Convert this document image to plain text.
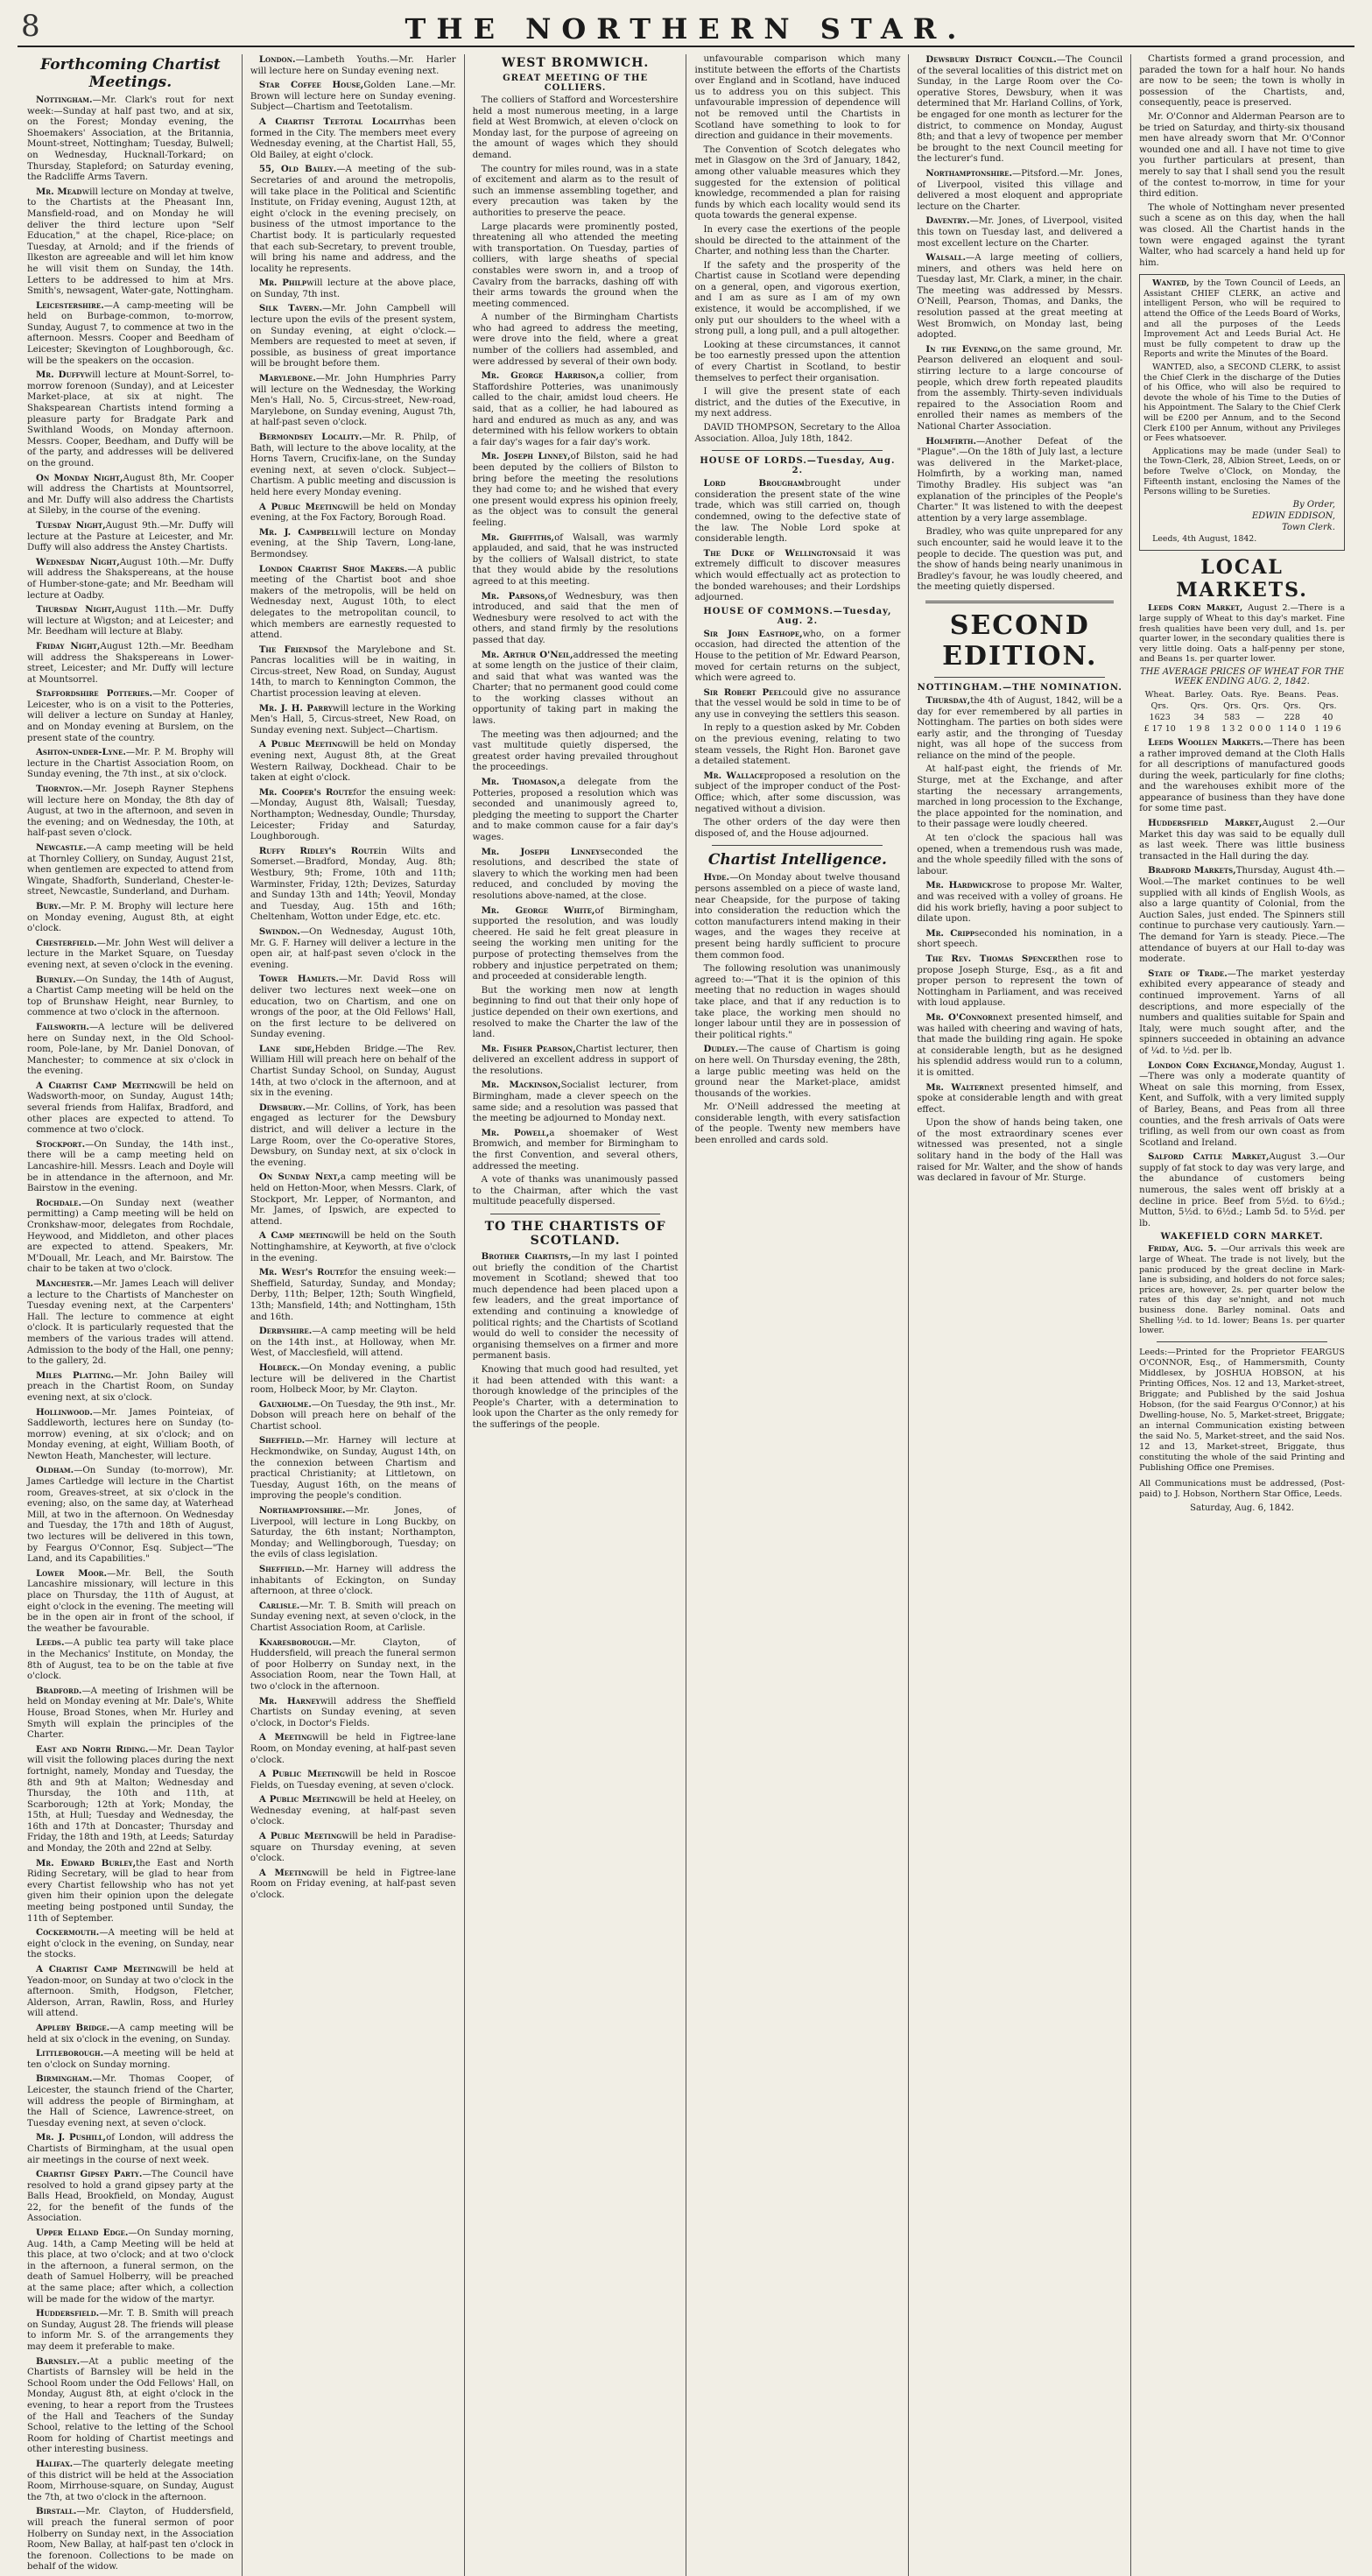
8	THE NORTHERN STAR.
Forthcoming Chartist Meetings.

Nottingham.—Mr. Clark's rout for next week:—Sunday at half past two, and at six, on the Forest; Monday evening, the Shoemakers' Association, at the Britannia, Mount-street, Nottingham; Tuesday, Bulwell; on Wednesday, Hucknall-Torkard; on Thursday, Stapleford; on Saturday evening, the Radcliffe Arms Tavern.

Mr. Meadwill lecture on Monday at twelve, to the Chartists at the Pheasant Inn, Mansfield-road, and on Monday he will deliver the third lecture upon "Self Education," at the chapel, Rice-place; on Tuesday, at Arnold; and if the friends of Ilkeston are agreeable and will let him know he will visit them on Sunday, the 14th. Letters to be addressed to him at Mrs. Smith's, newsagent, Water-gate, Nottingham.

Leicestershire.—A camp-meeting will be held on Burbage-common, to-morrow, Sunday, August 7, to commence at two in the afternoon. Messrs. Cooper and Beedham of Leicester; Skevington of Loughborough, &c. will be the speakers on the occasion.

Mr. Duffywill lecture at Mount-Sorrel, to-morrow forenoon (Sunday), and at Leicester Market-place, at six at night. The Shakspearean Chartists intend forming a pleasure party for Bradgate Park and Swithland Woods, on Monday afternoon. Messrs. Cooper, Beedham, and Duffy will be of the party, and addresses will be delivered on the ground.

On Monday Night,August 8th, Mr. Cooper will address the Chartists at Mountsorrel, and Mr. Duffy will also address the Chartists at Sileby, in the course of the evening.

Tuesday Night,August 9th.—Mr. Duffy will lecture at the Pasture at Leicester, and Mr. Duffy will also address the Anstey Chartists.

Wednesday Night,August 10th.—Mr. Duffy will address the Shakspereans, at the house of Humber-stone-gate; and Mr. Beedham will lecture at Oadby.

Thursday Night,August 11th.—Mr. Duffy will lecture at Wigston; and at Leicester; and Mr. Beedham will lecture at Blaby.

Friday Night,August 12th.—Mr. Beedham will address the Shakspereans in Lower-street, Leicester; and Mr. Duffy will lecture at Mountsorrel.

Staffordshire Potteries.—Mr. Cooper of Leicester, who is on a visit to the Potteries, will deliver a lecture on Sunday at Hanley, and on Monday evening at Burslem, on the present state of the country.

Ashton-under-Lyne.—Mr. P. M. Brophy will lecture in the Chartist Association Room, on Sunday evening, the 7th inst., at six o'clock.

Thornton.—Mr. Joseph Rayner Stephens will lecture here on Monday, the 8th day of August, at two in the afternoon, and seven in the evening; and on Wednesday, the 10th, at half-past seven o'clock.

Newcastle.—A camp meeting will be held at Thornley Colliery, on Sunday, August 21st, when gentlemen are expected to attend from Wingate, Shadforth, Sunderland, Chester-le-street, Newcastle, Sunderland, and Durham.

Bury.—Mr. P. M. Brophy will lecture here on Monday evening, August 8th, at eight o'clock.

Chesterfield.—Mr. John West will deliver a lecture in the Market Square, on Tuesday evening next, at seven o'clock in the evening.

Burnley.—On Sunday, the 14th of August, a Chartist Camp meeting will be held on the top of Brunshaw Height, near Burnley, to commence at two o'clock in the afternoon.

Failsworth.—A lecture will be delivered here on Sunday next, in the Old School-room, Pole-lane, by Mr. Daniel Donovan, of Manchester; to commence at six o'clock in the evening.

A Chartist Camp Meetingwill be held on Wadsworth-moor, on Sunday, August 14th; several friends from Halifax, Bradford, and other places are expected to attend. To commence at two o'clock.

Stockport.—On Sunday, the 14th inst., there will be a camp meeting held on Lancashire-hill. Messrs. Leach and Doyle will be in attendance in the afternoon, and Mr. Bairstow in the evening.

Rochdale.—On Sunday next (weather permitting) a Camp meeting will be held on Cronkshaw-moor, delegates from Rochdale, Heywood, and Middleton, and other places are expected to attend. Speakers, Mr. M'Douall, Mr. Leach, and Mr. Bairstow. The chair to be taken at two o'clock.

Manchester.—Mr. James Leach will deliver a lecture to the Chartists of Manchester on Tuesday evening next, at the Carpenters' Hall. The lecture to commence at eight o'clock. It is particularly requested that the members of the various trades will attend. Admission to the body of the Hall, one penny; to the gallery, 2d.

Miles Platting.—Mr. John Bailey will preach in the Chartist Room, on Sunday evening next, at six o'clock.

Hollinwood.—Mr. James Pointeiax, of Saddleworth, lectures here on Sunday (to-morrow) evening, at six o'clock; and on Monday evening, at eight, William Booth, of Newton Heath, Manchester, will lecture.

Oldham.—On Sunday (to-morrow), Mr. James Cartledge will lecture in the Chartist room, Greaves-street, at six o'clock in the evening; also, on the same day, at Waterhead Mill, at two in the afternoon. On Wednesday and Tuesday, the 17th and 18th of August, two lectures will be delivered in this town, by Feargus O'Connor, Esq. Subject—"The Land, and its Capabilities."

Lower Moor.—Mr. Bell, the South Lancashire missionary, will lecture in this place on Thursday, the 11th of August, at eight o'clock in the evening. The meeting will be in the open air in front of the school, if the weather be favourable.

Leeds.—A public tea party will take place in the Mechanics' Institute, on Monday, the 8th of August, tea to be on the table at five o'clock.

Bradford.—A meeting of Irishmen will be held on Monday evening at Mr. Dale's, White House, Broad Stones, when Mr. Hurley and Smyth will explain the principles of the Charter.

East and North Riding.—Mr. Dean Taylor will visit the following places during the next fortnight, namely, Monday and Tuesday, the 8th and 9th at Malton; Wednesday and Thursday, the 10th and 11th, at Scarborough; 12th at York; Monday, the 15th, at Hull; Tuesday and Wednesday, the 16th and 17th at Doncaster; Thursday and Friday, the 18th and 19th, at Leeds; Saturday and Monday, the 20th and 22nd at Selby.

Mr. Edward Burley,the East and North Riding Secretary, will be glad to hear from every Chartist fellowship who has not yet given him their opinion upon the delegate meeting being postponed until Sunday, the 11th of September.

Cockermouth.—A meeting will be held at eight o'clock in the evening, on Sunday, near the stocks.

A Chartist Camp Meetingwill be held at Yeadon-moor, on Sunday at two o'clock in the afternoon. Smith, Hodgson, Fletcher, Alderson, Arran, Rawlin, Ross, and Hurley will attend.

Appleby Bridge.—A camp meeting will be held at six o'clock in the evening, on Sunday.

Littleborough.—A meeting will be held at ten o'clock on Sunday morning.

Birmingham.—Mr. Thomas Cooper, of Leicester, the staunch friend of the Charter, will address the people of Birmingham, at the Hall of Science, Lawrence-street, on Tuesday evening next, at seven o'clock.

Mr. J. Pushill,of London, will address the Chartists of Birmingham, at the usual open air meetings in the course of next week.

Chartist Gipsey Party.—The Council have resolved to hold a grand gipsey party at the Balls Head, Brookfield, on Monday, August 22, for the benefit of the funds of the Association.

Upper Elland Edge.—On Sunday morning, Aug. 14th, a Camp Meeting will be held at this place, at two o'clock; and at two o'clock in the afternoon, a funeral sermon, on the death of Samuel Holberry, will be preached at the same place; after which, a collection will be made for the widow of the martyr.

Huddersfield.—Mr. T. B. Smith will preach on Sunday, August 28. The friends will please to inform Mr. S. of the arrangements they may deem it preferable to make.

Barnsley.—At a public meeting of the Chartists of Barnsley will be held in the School Room under the Odd Fellows' Hall, on Monday, August 8th, at eight o'clock in the evening, to hear a report from the Trustees of the Hall and Teachers of the Sunday School, relative to the letting of the School Room for holding of Chartist meetings and other interesting business.

Halifax.—The quarterly delegate meeting of this district will be held at the Association Room, Mirrhouse-square, on Sunday, August the 7th, at two o'clock in the afternoon.

Birstall.—Mr. Clayton, of Huddersfield, will preach the funeral sermon of poor Holberry on Sunday next, in the Association Room, New Ballay, at half-past ten o'clock in the forenoon. Collections to be made on behalf of the widow.

London.—Lambeth Youths.—Mr. Harler will lecture here on Sunday evening next.

Star Coffee House,Golden Lane.—Mr. Brown will lecture here on Sunday evening. Subject—Chartism and Teetotalism.

A Chartist Teetotal Localityhas been formed in the City. The members meet every Wednesday evening, at the Chartist Hall, 55, Old Bailey, at eight o'clock.

55, Old Bailey.—A meeting of the sub-Secretaries of and around the metropolis, will take place in the Political and Scientific Institute, on Friday evening, August 12th, at eight o'clock in the evening precisely, on business of the utmost importance to the Chartist body. It is particularly requested that each sub-Secretary, to prevent trouble, will bring his name and address, and the locality he represents.

Mr. Philpwill lecture at the above place, on Sunday, 7th inst.

Silk Tavern.—Mr. John Campbell will lecture upon the evils of the present system, on Sunday evening, at eight o'clock.—Members are requested to meet at seven, if possible, as business of great importance will be brought before them.

Marylebone.—Mr. John Humphries Parry will lecture on the Wednesday, the Working Men's Hall, No. 5, Circus-street, New-road, Marylebone, on Sunday evening, August 7th, at half-past seven o'clock.

Bermondsey Locality.—Mr. R. Philp, of Bath, will lecture to the above locality, at the Horns Tavern, Crucifix-lane, on the Sunday evening next, at seven o'clock. Subject—Chartism. A public meeting and discussion is held here every Monday evening.

A Public Meetingwill be held on Monday evening, at the Fox Factory, Borough Road.

Mr. J. Campbellwill lecture on Monday evening, at the Ship Tavern, Long-lane, Bermondsey.

London Chartist Shoe Makers.—A public meeting of the Chartist boot and shoe makers of the metropolis, will be held on Wednesday next, August 10th, to elect delegates to the metropolitan council, to which members are earnestly requested to attend.

The Friendsof the Marylebone and St. Pancras localities will be in waiting, in Circus-street, New Road, on Sunday, August 14th, to march to Kennington Common, the Chartist procession leaving at eleven.

Mr. J. H. Parrywill lecture in the Working Men's Hall, 5, Circus-street, New Road, on Sunday evening next. Subject—Chartism.

A Public Meetingwill be held on Monday evening next, August 8th, at the Great Western Railway, Dockhead. Chair to be taken at eight o'clock.

Mr. Cooper's Routefor the ensuing week:—Monday, August 8th, Walsall; Tuesday, Northampton; Wednesday, Oundle; Thursday, Leicester; Friday and Saturday, Loughborough.

Ruffy Ridley's Routein Wilts and Somerset.—Bradford, Monday, Aug. 8th; Westbury, 9th; Frome, 10th and 11th; Warminster, Friday, 12th; Devizes, Saturday and Sunday 13th and 14th; Yeovil, Monday and Tuesday, Aug. 15th and 16th; Cheltenham, Wotton under Edge, etc. etc.

Swindon.—On Wednesday, August 10th, Mr. G. F. Harney will deliver a lecture in the open air, at half-past seven o'clock in the evening.

Tower Hamlets.—Mr. David Ross will deliver two lectures next week—one on education, two on Chartism, and one on wrongs of the poor, at the Old Fellows' Hall, on the first lecture to be delivered on Sunday evening.

Lane side,Hebden Bridge.—The Rev. William Hill will preach here on behalf of the Chartist Sunday School, on Sunday, August 14th, at two o'clock in the afternoon, and at six in the evening.

Dewsbury.—Mr. Collins, of York, has been engaged as lecturer for the Dewsbury district, and will deliver a lecture in the Large Room, over the Co-operative Stores, Dewsbury, on Sunday next, at six o'clock in the evening.

On Sunday Next,a camp meeting will be held on Hetton-Moor, when Messrs. Clark, of Stockport, Mr. Lepper, of Normanton, and Mr. James, of Ipswich, are expected to attend.

A Camp meetingwill be held on the South Nottinghamshire, at Keyworth, at five o'clock in the evening.

Mr. West's Routefor the ensuing week:—Sheffield, Saturday, Sunday, and Monday; Derby, 11th; Belper, 12th; South Wingfield, 13th; Mansfield, 14th; and Nottingham, 15th and 16th.

Derbyshire.—A camp meeting will be held on the 14th inst., at Holloway, when Mr. West, of Macclesfield, will attend.

Holbeck.—On Monday evening, a public lecture will be delivered in the Chartist room, Holbeck Moor, by Mr. Clayton.

Gauxholme.—On Tuesday, the 9th inst., Mr. Dobson will preach here on behalf of the Chartist school.

Sheffield.—Mr. Harney will lecture at Heckmondwike, on Sunday, August 14th, on the connexion between Chartism and practical Christianity; at Littletown, on Tuesday, August 16th, on the means of improving the people's condition.

Northamptonshire.—Mr. Jones, of Liverpool, will lecture in Long Buckby, on Saturday, the 6th instant; Northampton, Monday; and Wellingborough, Tuesday; on the evils of class legislation.

Sheffield.—Mr. Harney will address the inhabitants of Eckington, on Sunday afternoon, at three o'clock.

Carlisle.—Mr. T. B. Smith will preach on Sunday evening next, at seven o'clock, in the Chartist Association Room, at Carlisle.

Knaresborough.—Mr. Clayton, of Huddersfield, will preach the funeral sermon of poor Holberry on Sunday next, in the Association Room, near the Town Hall, at two o'clock in the afternoon.

Mr. Harneywill address the Sheffield Chartists on Sunday evening, at seven o'clock, in Doctor's Fields.

A Meetingwill be held in Figtree-lane Room, on Monday evening, at half-past seven o'clock.

A Public Meetingwill be held in Roscoe Fields, on Tuesday evening, at seven o'clock.

A Public Meetingwill be held at Heeley, on Wednesday evening, at half-past seven o'clock.

A Public Meetingwill be held in Paradise-square on Thursday evening, at seven o'clock.

A Meetingwill be held in Figtree-lane Room on Friday evening, at half-past seven o'clock.

WEST BROMWICH.
GREAT MEETING OF THE COLLIERS.

The colliers of Stafford and Worcestershire held a most numerous meeting, in a large field at West Bromwich, at eleven o'clock on Monday last, for the purpose of agreeing on the amount of wages which they should demand.

The country for miles round, was in a state of excitement and alarm as to the result of such an immense assembling together, and every precaution was taken by the authorities to preserve the peace.

Large placards were prominently posted, threatening all who attended the meeting with transportation. On Tuesday, parties of colliers, with large sheaths of special constables were sworn in, and a troop of Cavalry from the barracks, dashing off with their arms towards the ground when the meeting commenced.

A number of the Birmingham Chartists who had agreed to address the meeting, were drove into the field, where a great number of the colliers had assembled, and were addressed by several of their own body.

Mr. George Harrison,a collier, from Staffordshire Potteries, was unanimously called to the chair, amidst loud cheers. He said, that as a collier, he had laboured as hard and endured as much as any, and was determined with his fellow workers to obtain a fair day's wages for a fair day's work.

Mr. Joseph Linney,of Bilston, said he had been deputed by the colliers of Bilston to bring before the meeting the resolutions they had come to; and he wished that every one present would express his opinion freely, as the object was to consult the general feeling.

Mr. Griffiths,of Walsall, was warmly applauded, and said, that he was instructed by the colliers of Walsall district, to state that they would abide by the resolutions agreed to at this meeting.

Mr. Parsons,of Wednesbury, was then introduced, and said that the men of Wednesbury were resolved to act with the others, and stand firmly by the resolutions passed that day.

Mr. Arthur O'Neil,addressed the meeting at some length on the justice of their claim, and said that what was wanted was the Charter; that no permanent good could come to the working classes without an opportunity of taking part in making the laws.

The meeting was then adjourned; and the vast multitude quietly dispersed, the greatest order having prevailed throughout the proceedings.

Mr. Thomason,a delegate from the Potteries, proposed a resolution which was seconded and unanimously agreed to, pledging the meeting to support the Charter and to make common cause for a fair day's wages.

Mr. Joseph Linneyseconded the resolutions, and described the state of slavery to which the working men had been reduced, and concluded by moving the resolutions above-named, at the close.

Mr. George White,of Birmingham, supported the resolution, and was loudly cheered. He said he felt great pleasure in seeing the working men uniting for the purpose of protecting themselves from the robbery and injustice perpetrated on them; and proceeded at considerable length.

But the working men now at length beginning to find out that their only hope of justice depended on their own exertions, and resolved to make the Charter the law of the land.

Mr. Fisher Pearson,Chartist lecturer, then delivered an excellent address in support of the resolutions.

Mr. Mackinson,Socialist lecturer, from Birmingham, made a clever speech on the same side; and a resolution was passed that the meeting be adjourned to Monday next.

Mr. Powell,a shoemaker of West Bromwich, and member for Birmingham to the first Convention, and several others, addressed the meeting.

A vote of thanks was unanimously passed to the Chairman, after which the vast multitude peacefully dispersed.

TO THE CHARTISTS OF SCOTLAND.

Brother Chartists,—In my last I pointed out briefly the condition of the Chartist movement in Scotland; shewed that too much dependence had been placed upon a few leaders, and the great importance of extending and continuing a knowledge of political rights; and the Chartists of Scotland would do well to consider the necessity of organising themselves on a firmer and more permanent basis.

Knowing that much good had resulted, yet it had been attended with this want: a thorough knowledge of the principles of the People's Charter, with a determination to look upon the Charter as the only remedy for the sufferings of the people.

unfavourable comparison which many institute between the efforts of the Chartists over England and in Scotland, have induced us to address you on this subject. This unfavourable impression of dependence will not be removed until the Chartists in Scotland have something to look to for direction and guidance in their movements.

The Convention of Scotch delegates who met in Glasgow on the 3rd of January, 1842, among other valuable measures which they suggested for the extension of political knowledge, recommended a plan for raising funds by which each locality would send its quota towards the general expense.

In every case the exertions of the people should be directed to the attainment of the Charter, and nothing less than the Charter.

If the safety and the prosperity of the Chartist cause in Scotland were depending on a general, open, and vigorous exertion, and I am as sure as I am of my own existence, it would be accomplished, if we only put our shoulders to the wheel with a strong pull, a long pull, and a pull altogether.

Looking at these circumstances, it cannot be too earnestly pressed upon the attention of every Chartist in Scotland, to bestir themselves to perfect their organisation.

I will give the present state of each district, and the duties of the Executive, in my next address.

DAVID THOMPSON, Secretary to the Alloa Association. Alloa, July 18th, 1842.

HOUSE OF LORDS.—Tuesday, Aug. 2.

Lord Broughambrought under consideration the present state of the wine trade, which was still carried on, though condemned, owing to the defective state of the law. The Noble Lord spoke at considerable length.

The Duke of Wellingtonsaid it was extremely difficult to discover measures which would effectually act as protection to the bonded warehouses; and their Lordships adjourned.

HOUSE OF COMMONS.—Tuesday, Aug. 2.

Sir John Easthope,who, on a former occasion, had directed the attention of the House to the petition of Mr. Edward Pearson, moved for certain returns on the subject, which were agreed to.

Sir Robert Peelcould give no assurance that the vessel would be sold in time to be of any use in conveying the settlers this season.

In reply to a question asked by Mr. Cobden on the previous evening, relating to two steam vessels, the Right Hon. Baronet gave a detailed statement.

Mr. Wallaceproposed a resolution on the subject of the improper conduct of the Post-Office; which, after some discussion, was negatived without a division.

The other orders of the day were then disposed of, and the House adjourned.

Chartist Intelligence.

Hyde.—On Monday about twelve thousand persons assembled on a piece of waste land, near Cheapside, for the purpose of taking into consideration the reduction which the cotton manufacturers intend making in their wages, and the wages they receive at present being hardly sufficient to procure them common food.

The following resolution was unanimously agreed to:—"That it is the opinion of this meeting that no reduction in wages should take place, and that if any reduction is to take place, the working men should no longer labour until they are in possession of their political rights."

Dudley.—The cause of Chartism is going on here well. On Thursday evening, the 28th, a large public meeting was held on the ground near the Market-place, amidst thousands of the workies.

Mr. O'Neill addressed the meeting at considerable length, with every satisfaction of the people. Twenty new members have been enrolled and cards sold.

Dewsbury District Council.—The Council of the several localities of this district met on Sunday, in the Large Room over the Co-operative Stores, Dewsbury, when it was determined that Mr. Harland Collins, of York, be engaged for one month as lecturer for the district, to commence on Monday, August 8th; and that a levy of twopence per member be brought to the next Council meeting for the lecturer's fund.

Northamptonshire.—Pitsford.—Mr. Jones, of Liverpool, visited this village and delivered a most eloquent and appropriate lecture on the Charter.

Daventry.—Mr. Jones, of Liverpool, visited this town on Tuesday last, and delivered a most excellent lecture on the Charter.

Walsall.—A large meeting of colliers, miners, and others was held here on Tuesday last, Mr. Clark, a miner, in the chair. The meeting was addressed by Messrs. O'Neill, Pearson, Thomas, and Danks, the resolution passed at the great meeting at West Bromwich, on Monday last, being adopted.

In the Evening,on the same ground, Mr. Pearson delivered an eloquent and soul-stirring lecture to a large concourse of people, which drew forth repeated plaudits from the assembly. Thirty-seven individuals repaired to the Association Room and enrolled their names as members of the National Charter Association.

Holmfirth.—Another Defeat of the "Plague".—On the 18th of July last, a lecture was delivered in the Market-place, Holmfirth, by a working man, named Timothy Bradley. His subject was "an explanation of the principles of the People's Charter." It was listened to with the deepest attention by a very large assemblage.

Bradley, who was quite unprepared for any such encounter, said he would leave it to the people to decide. The question was put, and the show of hands being nearly unanimous in Bradley's favour, he was loudly cheered, and the meeting quietly dispersed.

SECOND EDITION.
NOTTINGHAM.—THE NOMINATION.

Thursday,the 4th of August, 1842, will be a day for ever remembered by all parties in Nottingham. The parties on both sides were early astir, and the thronging of Tuesday night, was all hope of the success from reliance on the mind of the people.

At half-past eight, the friends of Mr. Sturge, met at the Exchange, and after starting the necessary arrangements, marched in long procession to the Exchange, the place appointed for the nomination, and to their passage were loudly cheered.

At ten o'clock the spacious hall was opened, when a tremendous rush was made, and the whole speedily filled with the sons of labour.

Mr. Hardwickrose to propose Mr. Walter, and was received with a volley of groans. He did his work briefly, having a poor subject to dilate upon.

Mr. Crippseconded his nomination, in a short speech.

The Rev. Thomas Spencerthen rose to propose Joseph Sturge, Esq., as a fit and proper person to represent the town of Nottingham in Parliament, and was received with loud applause.

Mr. O'Connornext presented himself, and was hailed with cheering and waving of hats, that made the building ring again. He spoke at considerable length, but as he designed his splendid address would run to a column, it is omitted.

Mr. Walternext presented himself, and spoke at considerable length and with great effect.

Upon the show of hands being taken, one of the most extraordinary scenes ever witnessed was presented, not a single solitary hand in the body of the Hall was raised for Mr. Walter, and the show of hands was declared in favour of Mr. Sturge.

Chartists formed a grand procession, and paraded the town for a half hour. No hands are now to be seen; the town is wholly in possession of the Chartists, and, consequently, peace is preserved.

Mr. O'Connor and Alderman Pearson are to be tried on Saturday, and thirty-six thousand men have already sworn that Mr. O'Connor wounded one and all. I have not time to give you further particulars at present, than merely to say that I shall send you the result of the contest to-morrow, in time for your third edition.

The whole of Nottingham never presented such a scene as on this day, when the hall was closed. All the Chartist hands in the town were engaged against the tyrant Walter, who had scarcely a hand held up for him.

Wanted, by the Town Council of Leeds, an Assistant CHIEF CLERK, an active and intelligent Person, who will be required to attend the Office of the Leeds Board of Works, and all the purposes of the Leeds Improvement Act and Leeds Burial Act. He must be fully competent to draw up the Reports and write the Minutes of the Board.

WANTED, also, a SECOND CLERK, to assist the Chief Clerk in the discharge of the Duties of his Office, who will also be required to devote the whole of his Time to the Duties of his Appointment. The Salary to the Chief Clerk will be £200 per Annum, and to the Second Clerk £100 per Annum, without any Privileges or Fees whatsoever.

Applications may be made (under Seal) to the Town-Clerk, 28, Albion Street, Leeds, on or before Twelve o'Clock, on Monday, the Fifteenth instant, enclosing the Names of the Persons willing to be Sureties.

By Order,
EDWIN EDDISON,
Town Clerk.
Leeds, 4th August, 1842.
LOCAL MARKETS.

Leeds Corn Market, August 2.—There is a large supply of Wheat to this day's market. Fine fresh qualities have been very dull, and 1s. per quarter lower, in the secondary qualities there is very little doing. Oats a half-penny per stone, and Beans 1s. per quarter lower.

THE AVERAGE PRICES OF WHEAT FOR THE WEEK ENDING AUG. 2, 1842.
Wheat.	Barley.	Oats.	Rye.	Beans.	Peas.
Qrs.	Qrs.	Qrs.	Qrs.	Qrs.	Qrs.
1623	34	583	—	228	40
£ 17 10	1 9 8	1 3 2	0 0 0	1 14 0	1 19 6

Leeds Woollen Markets.—There has been a rather improved demand at the Cloth Halls for all descriptions of manufactured goods during the week, particularly for fine cloths; and the warehouses exhibit more of the appearance of business than they have done for some time past.

Huddersfield Market,August 2.—Our Market this day was said to be equally dull as last week. There was little business transacted in the Hall during the day.

Bradford Markets,Thursday, August 4th.—Wool.—The market continues to be well supplied with all kinds of English Wools, as also a large quantity of Colonial, from the Auction Sales, just ended. The Spinners still continue to purchase very cautiously. Yarn.—The demand for Yarn is steady. Piece.—The attendance of buyers at our Hall to-day was moderate.

State of Trade.—The market yesterday exhibited every appearance of steady and continued improvement. Yarns of all descriptions, and more especially of the numbers and qualities suitable for Spain and Italy, were much sought after, and the spinners succeeded in obtaining an advance of ¼d. to ½d. per lb.

London Corn Exchange,Monday, August 1.—There was only a moderate quantity of Wheat on sale this morning, from Essex, Kent, and Suffolk, with a very limited supply of Barley, Beans, and Peas from all three counties, and the fresh arrivals of Oats were trifling, as well from our own coast as from Scotland and Ireland.

Salford Cattle Market,August 3.—Our supply of fat stock to day was very large, and the abundance of customers being numerous, the sales went off briskly at a decline in price. Beef from 5½d. to 6½d.; Mutton, 5½d. to 6½d.; Lamb 5d. to 5½d. per lb.

WAKEFIELD CORN MARKET.

Friday, Aug. 5. —Our arrivals this week are large of Wheat. The trade is not lively, but the panic produced by the great decline in Mark-lane is subsiding, and holders do not force sales; prices are, however, 2s. per quarter below the rates of this day se'nnight, and not much business done. Barley nominal. Oats and Shelling ½d. to 1d. lower; Beans 1s. per quarter lower.

Leeds:—Printed for the Proprietor FEARGUS O'CONNOR, Esq., of Hammersmith, County Middlesex, by JOSHUA HOBSON, at his Printing Offices, Nos. 12 and 13, Market-street, Briggate; and Published by the said Joshua Hobson, (for the said Feargus O'Connor,) at his Dwelling-house, No. 5, Market-street, Briggate; an internal Communication existing between the said No. 5, Market-street, and the said Nos. 12 and 13, Market-street, Briggate, thus constituting the whole of the said Printing and Publishing Office one Premises.
All Communications must be addressed, (Post-paid) to J. Hobson, Northern Star Office, Leeds.
Saturday, Aug. 6, 1842.
